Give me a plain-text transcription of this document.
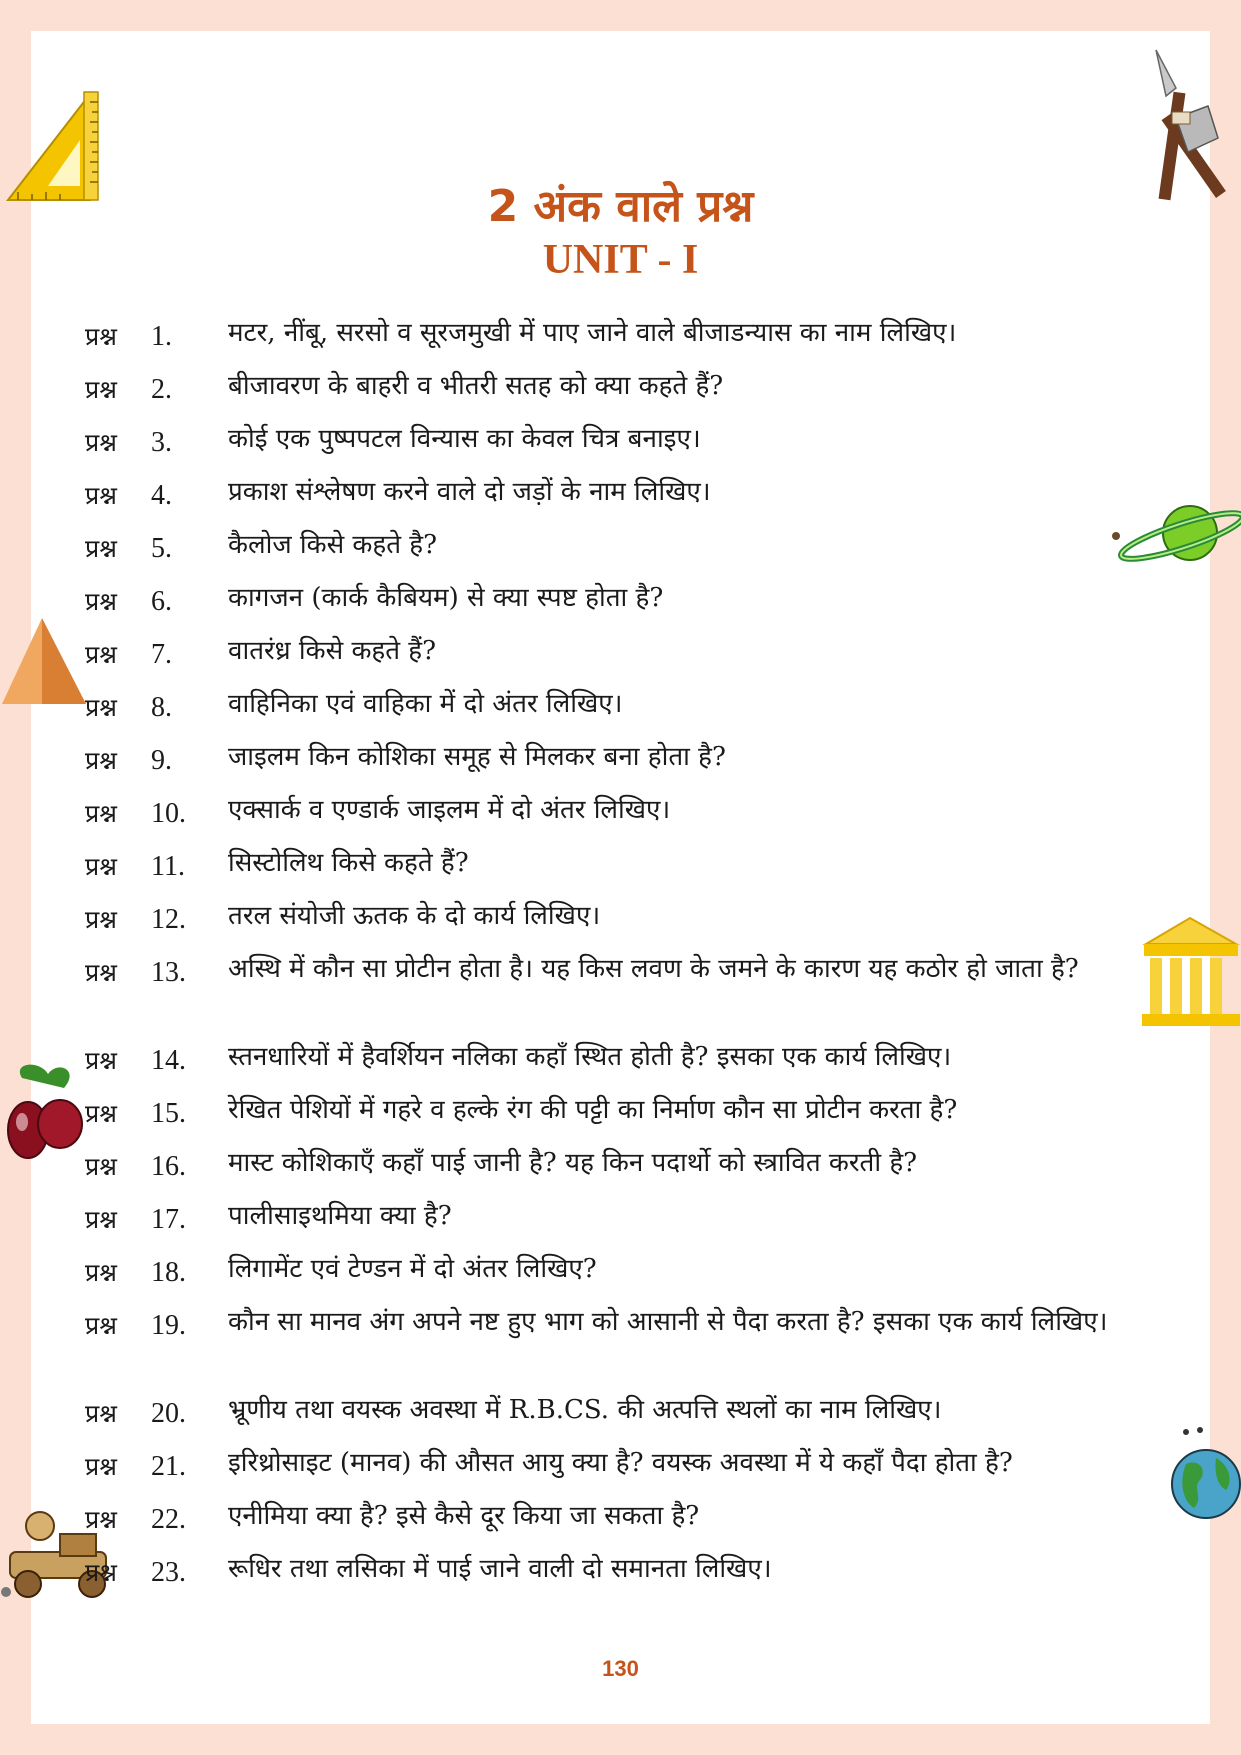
2 अंक वाले प्रश्न
UNIT - I
प्रश्न 1. मटर, नींबू, सरसो व सूरजमुखी में पाए जाने वाले बीजाडन्यास का नाम लिखिए।
प्रश्न 2. बीजावरण के बाहरी व भीतरी सतह को क्या कहते हैं?
प्रश्न 3. कोई एक पुष्पपटल विन्यास का केवल चित्र बनाइए।
प्रश्न 4. प्रकाश संश्लेषण करने वाले दो जड़ों के नाम लिखिए।
प्रश्न 5. कैलोज किसे कहते है?
प्रश्न 6. कागजन (कार्क कैबियम) से क्या स्पष्ट होता है?
प्रश्न 7. वातरंध्र किसे कहते हैं?
प्रश्न 8. वाहिनिका एवं वाहिका में दो अंतर लिखिए।
प्रश्न 9. जाइलम किन कोशिका समूह से मिलकर बना होता है?
प्रश्न 10. एक्सार्क व एण्डार्क जाइलम में दो अंतर लिखिए।
प्रश्न 11. सिस्टोलिथ किसे कहते हैं?
प्रश्न 12. तरल संयोजी ऊतक के दो कार्य लिखिए।
प्रश्न 13. अस्थि में कौन सा प्रोटीन होता है। यह किस लवण के जमने के कारण यह कठोर हो जाता है?
प्रश्न 14. स्तनधारियों में हैवर्शियन नलिका कहाँ स्थित होती है? इसका एक कार्य लिखिए।
प्रश्न 15. रेखित पेशियों में गहरे व हल्के रंग की पट्टी का निर्माण कौन सा प्रोटीन करता है?
प्रश्न 16. मास्ट कोशिकाएँ कहाँ पाई जानी है? यह किन पदार्थो को स्त्रावित करती है?
प्रश्न 17. पालीसाइथमिया क्या है?
प्रश्न 18. लिगामेंट एवं टेण्डन में दो अंतर लिखिए?
प्रश्न 19. कौन सा मानव अंग अपने नष्ट हुए भाग को आसानी से पैदा करता है? इसका एक कार्य लिखिए।
प्रश्न 20. भ्रूणीय तथा वयस्क अवस्था में R.B.CS. की अत्पत्ति स्थलों का नाम लिखिए।
प्रश्न 21. इरिथ्रोसाइट (मानव) की औसत आयु क्या है? वयस्क अवस्था में ये कहाँ पैदा होता है?
प्रश्न 22. एनीमिया क्या है? इसे कैसे दूर किया जा सकता है?
प्रश्न 23. रूधिर तथा लसिका में पाई जाने वाली दो समानता लिखिए।
130
